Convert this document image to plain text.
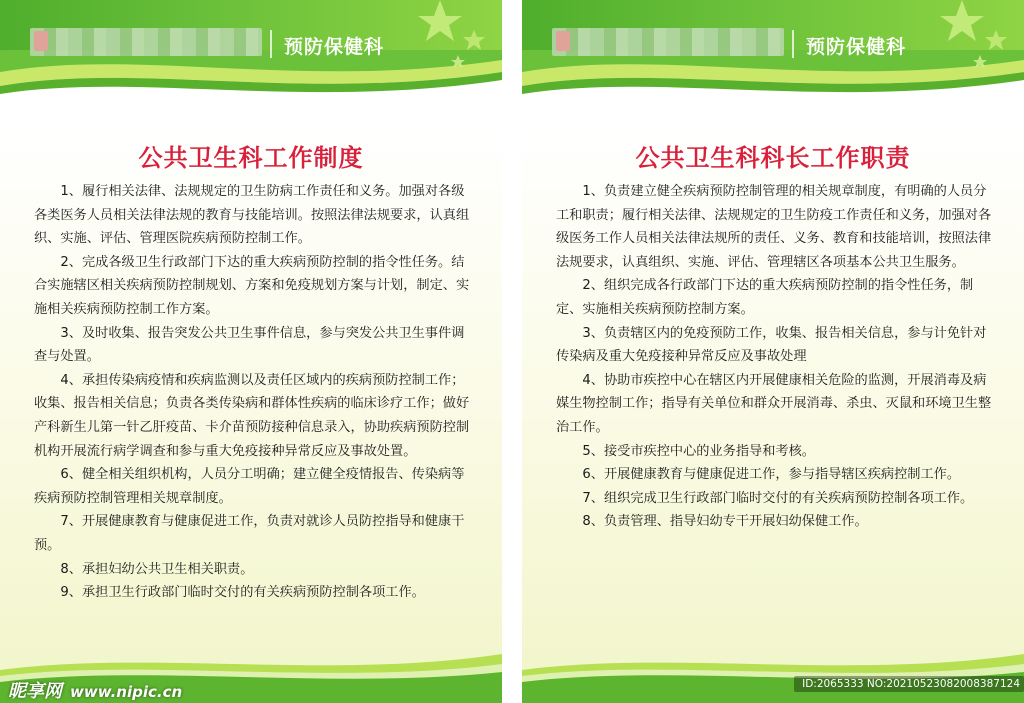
预防保健科
公共卫生科工作制度

1、履行相关法律、法规规定的卫生防病工作责任和义务。加强对各级各类医务人员相关法律法规的教育与技能培训。按照法律法规要求，认真组织、实施、评估、管理医院疾病预防控制工作。

2、完成各级卫生行政部门下达的重大疾病预防控制的指令性任务。结合实施辖区相关疾病预防控制规划、方案和免疫规划方案与计划，制定、实施相关疾病预防控制工作方案。

3、及时收集、报告突发公共卫生事件信息，参与突发公共卫生事件调查与处置。

4、承担传染病疫情和疾病监测以及责任区域内的疾病预防控制工作；收集、报告相关信息；负责各类传染病和群体性疾病的临床诊疗工作；做好产科新生儿第一针乙肝疫苗、卡介苗预防接种信息录入，协助疾病预防控制机构开展流行病学调查和参与重大免疫接种异常反应及事故处置。

6、健全相关组织机构，人员分工明确；建立健全疫情报告、传染病等疾病预防控制管理相关规章制度。

7、开展健康教育与健康促进工作，负责对就诊人员防控指导和健康干预。

8、承担妇幼公共卫生相关职责。

9、承担卫生行政部门临时交付的有关疾病预防控制各项工作。

预防保健科
公共卫生科科长工作职责

1、负责建立健全疾病预防控制管理的相关规章制度，有明确的人员分工和职责；履行相关法律、法规规定的卫生防疫工作责任和义务，加强对各级医务工作人员相关法律法规所的责任、义务、教育和技能培训，按照法律法规要求，认真组织、实施、评估、管理辖区各项基本公共卫生服务。

2、组织完成各行政部门下达的重大疾病预防控制的指令性任务，制定、实施相关疾病预防控制方案。

3、负责辖区内的免疫预防工作，收集、报告相关信息，参与计免针对传染病及重大免疫接种异常反应及事故处理

4、协助市疾控中心在辖区内开展健康相关危险的监测，开展消毒及病媒生物控制工作；指导有关单位和群众开展消毒、杀虫、灭鼠和环境卫生整治工作。

5、接受市疾控中心的业务指导和考核。

6、开展健康教育与健康促进工作，参与指导辖区疾病控制工作。

7、组织完成卫生行政部门临时交付的有关疾病预防控制各项工作。

8、负责管理、指导妇幼专干开展妇幼保健工作。

昵享网 www.nipic.cn	ID:2065333 NO:20210523082008387124
